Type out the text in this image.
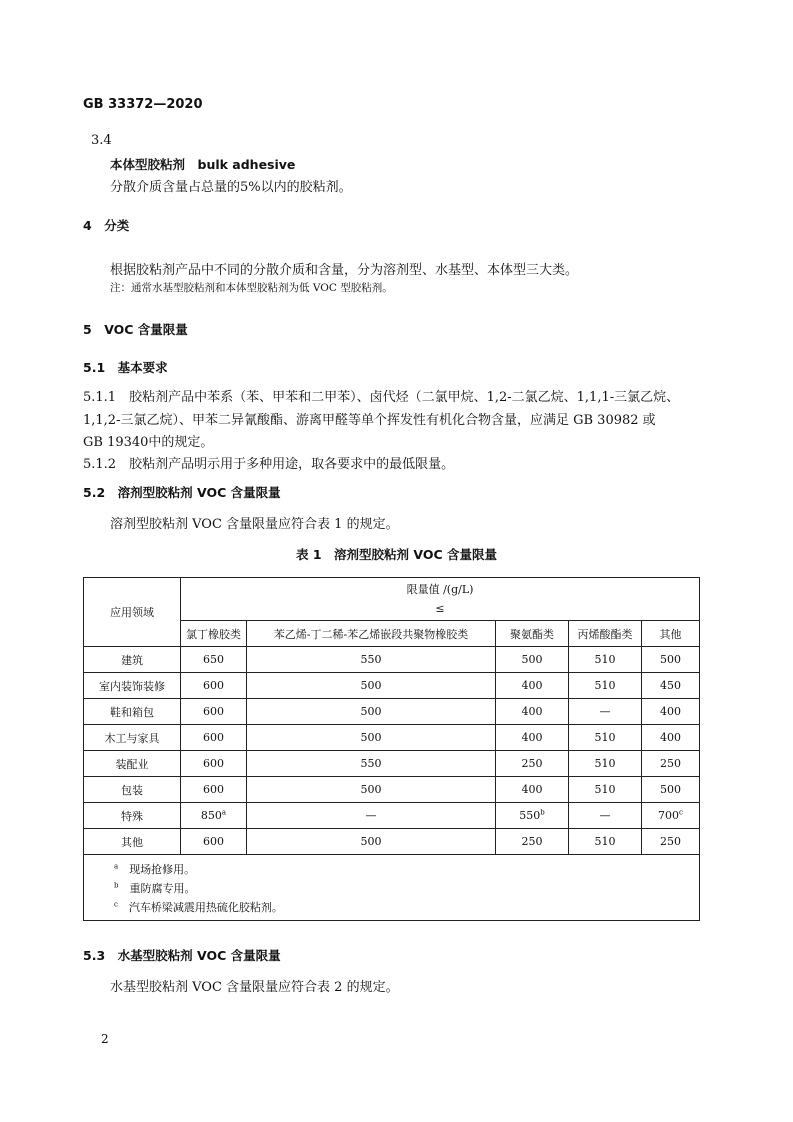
GB 33372—2020
3.4
本体型胶粘剂　bulk adhesive
分散介质含量占总量的5%以内的胶粘剂。
4　分类
根据胶粘剂产品中不同的分散介质和含量，分为溶剂型、水基型、本体型三大类。
注：通常水基型胶粘剂和本体型胶粘剂为低 VOC 型胶粘剂。
5　VOC 含量限量
5.1　基本要求
5.1.1　胶粘剂产品中苯系（苯、甲苯和二甲苯）、卤代烃（二氯甲烷、1,2-二氯乙烷、1,1,1-三氯乙烷、
1,1,2-三氯乙烷）、甲苯二异氰酸酯、游离甲醛等单个挥发性有机化合物含量，应满足 GB 30982 或
GB 19340中的规定。
5.1.2　胶粘剂产品明示用于多种用途，取各要求中的最低限量。
5.2　溶剂型胶粘剂 VOC 含量限量
溶剂型胶粘剂 VOC 含量限量应符合表 1 的规定。
表 1　溶剂型胶粘剂 VOC 含量限量
应用领域	限量值 /(g/L)
≤				

	氯丁橡胶类	苯乙烯-丁二稀-苯乙烯嵌段共聚物橡胶类	聚氨酯类	丙烯酸酯类	其他
建筑	650	550	500	510	500
室内装饰装修	600	500	400	510	450
鞋和箱包	600	500	400	—	400
木工与家具	600	500	400	510	400
装配业	600	550	250	510	250
包装	600	500	400	510	500
特殊	850$^a$	—	550$^b$	—	700$^c$
其他	600	500	250	510	250
$^a$　 现场抢修用。					
$^b$　 重防腐专用。					
$^c$　 汽车桥梁减震用热硫化胶粘剂。					
5.3　水基型胶粘剂 VOC 含量限量
水基型胶粘剂 VOC 含量限量应符合表 2 的规定。
2
